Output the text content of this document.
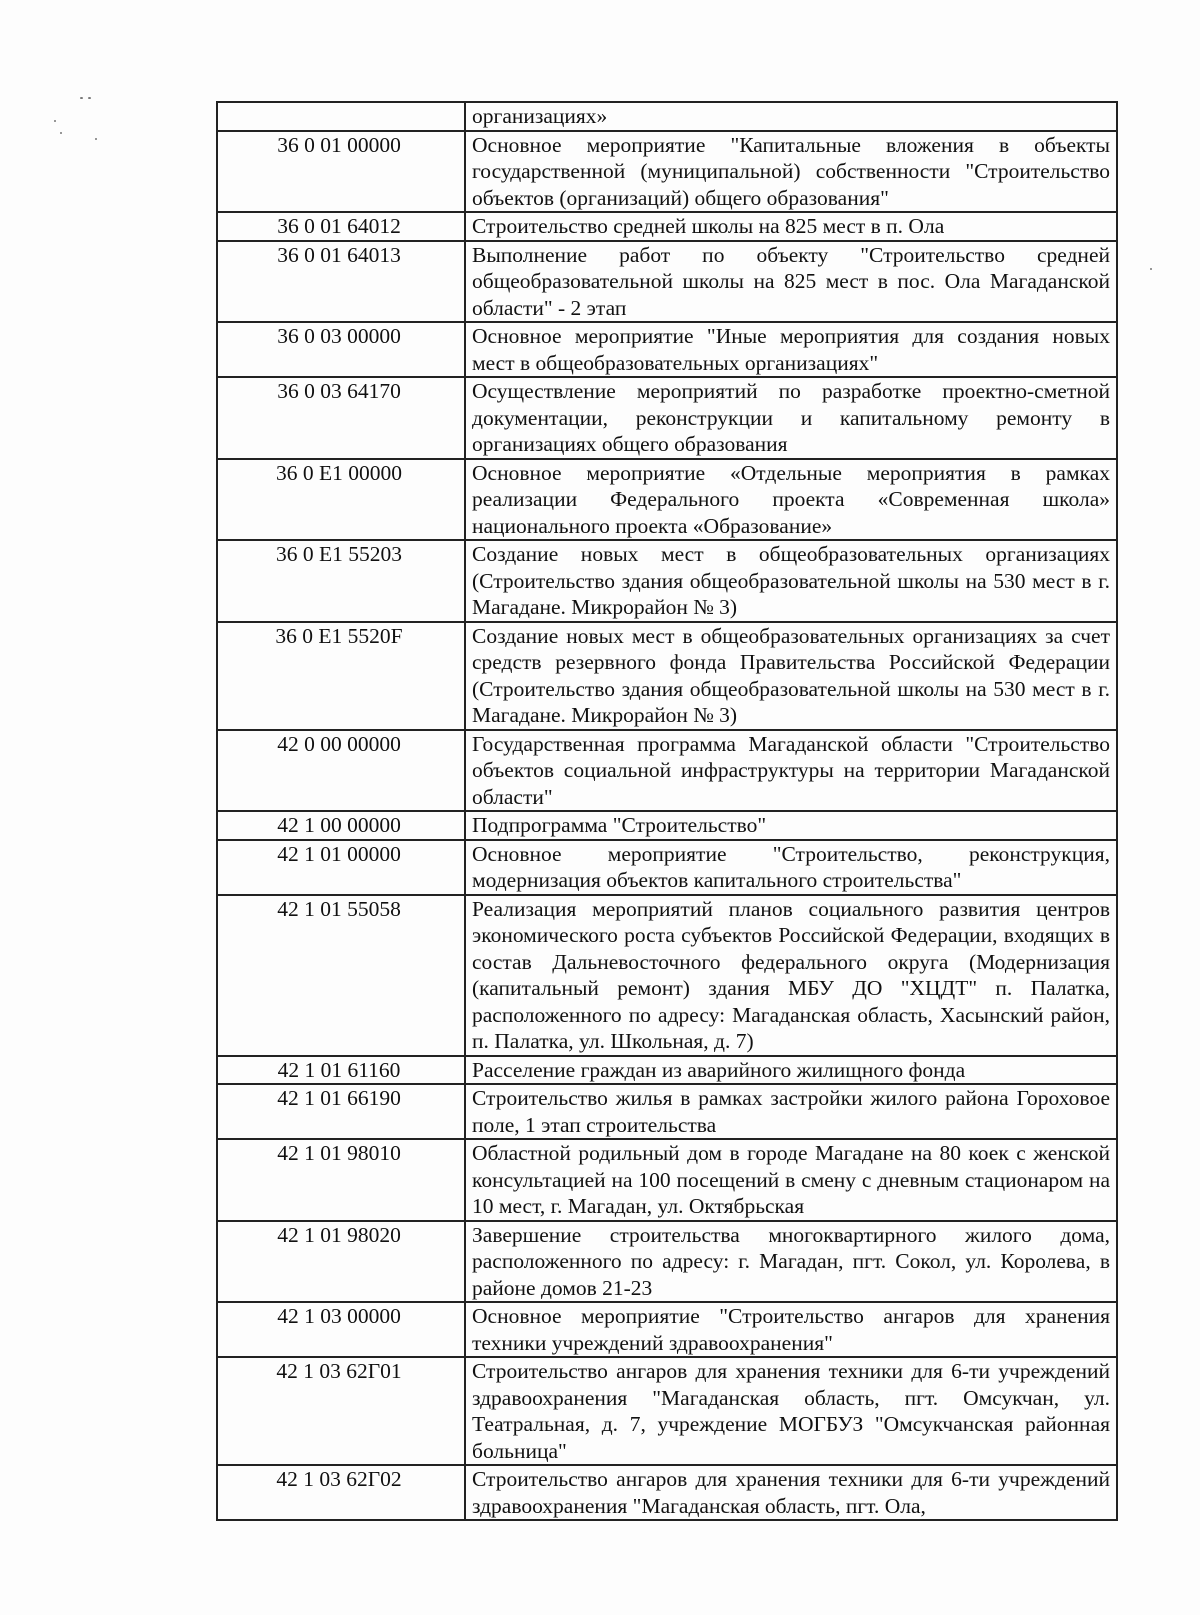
	организациях»
36 0 01 00000	Основное мероприятие "Капитальные вложения в объекты государственной (муниципальной) собственности "Строительство объектов (организаций) общего образования"
36 0 01 64012	Строительство средней школы на 825 мест в п. Ола
36 0 01 64013	Выполнение работ по объекту "Строительство средней общеобразовательной школы на 825 мест в пос. Ола Магаданской области" - 2 этап
36 0 03 00000	Основное мероприятие "Иные мероприятия для создания новых мест в общеобразовательных организациях"
36 0 03 64170	Осуществление мероприятий по разработке проектно-сметной документации, реконструкции и капитальному ремонту в организациях общего образования
36 0 E1 00000	Основное мероприятие «Отдельные мероприятия в рамках реализации Федерального проекта «Современная школа» национального проекта «Образование»
36 0 E1 55203	Создание новых мест в общеобразовательных организациях (Строительство здания общеобразовательной школы на 530 мест в г. Магадане. Микрорайон № 3)
36 0 E1 5520F	Создание новых мест в общеобразовательных организациях за счет средств резервного фонда Правительства Российской Федерации (Строительство здания общеобразовательной школы на 530 мест в г. Магадане. Микрорайон № 3)
42 0 00 00000	Государственная программа Магаданской области "Строительство объектов социальной инфраструктуры на территории Магаданской области"
42 1 00 00000	Подпрограмма "Строительство"
42 1 01 00000	Основное мероприятие "Строительство, реконструкция, модернизация объектов капитального строительства"
42 1 01 55058	Реализация мероприятий планов социального развития центров экономического роста субъектов Российской Федерации, входящих в состав Дальневосточного федерального округа (Модернизация (капитальный ремонт) здания МБУ ДО "ХЦДТ" п. Палатка, расположенного по адресу: Магаданская область, Хасынский район, п. Палатка, ул. Школьная, д. 7)
42 1 01 61160	Расселение граждан из аварийного жилищного фонда
42 1 01 66190	Строительство жилья в рамках застройки жилого района Гороховое поле, 1 этап строительства
42 1 01 98010	Областной родильный дом в городе Магадане на 80 коек с женской консультацией на 100 посещений в смену с дневным стационаром на 10 мест, г. Магадан, ул. Октябрьская
42 1 01 98020	Завершение строительства многоквартирного жилого дома, расположенного по адресу: г. Магадан, пгт. Сокол, ул. Королева, в районе домов 21-23
42 1 03 00000	Основное мероприятие "Строительство ангаров для хранения техники учреждений здравоохранения"
42 1 03 62Г01	Строительство ангаров для хранения техники для 6-ти учреждений здравоохранения "Магаданская область, пгт. Омсукчан, ул. Театральная, д. 7, учреждение МОГБУЗ "Омсукчанская районная больница"
42 1 03 62Г02	Строительство ангаров для хранения техники для 6-ти учреждений здравоохранения "Магаданская область, пгт. Ола,
